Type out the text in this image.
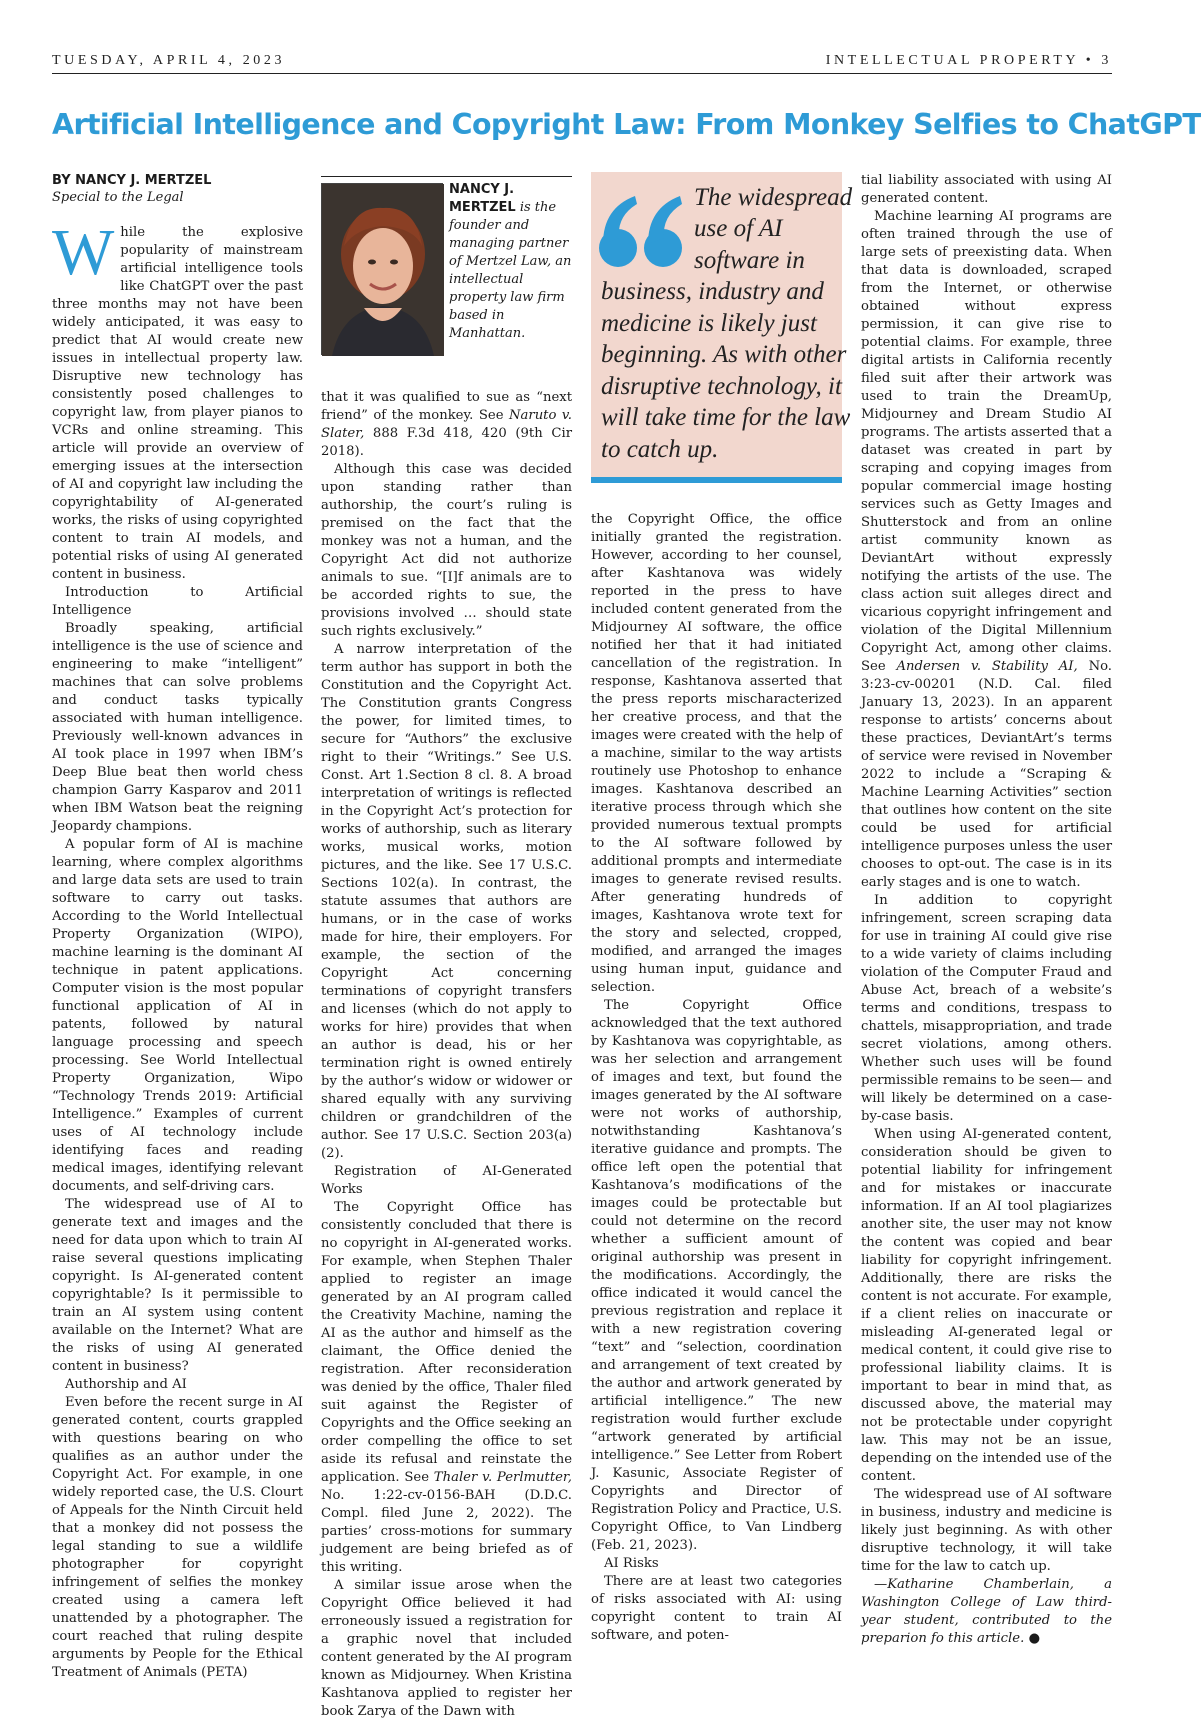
TUESDAY, APRIL 4, 2023	INTELLECTUAL PROPERTY • 3
Artificial Intelligence and Copyright Law: From Monkey Selfies to ChatGPT
BY NANCY J. MERTZEL
Special to the Legal

While the explosive popularity of mainstream artificial intelligence tools like ChatGPT over the past three months may not have been widely anticipated, it was easy to predict that AI would create new issues in intellectual property law. Disruptive new technology has consistently posed challenges to copyright law, from player pianos to VCRs and online streaming. This article will provide an overview of emerging issues at the intersection of AI and copyright law including the copyrightability of AI-generated works, the risks of using copyrighted content to train AI models, and potential risks of using AI generated content in business.

Introduction to Artificial Intelligence

Broadly speaking, artificial intelligence is the use of science and engineering to make “intelligent” machines that can solve problems and conduct tasks typically associated with human intelligence. Previously well-known advances in AI took place in 1997 when IBM’s Deep Blue beat then world chess champion Garry Kasparov and 2011 when IBM Watson beat the reigning Jeopardy champions.

A popular form of AI is machine learning, where complex algorithms and large data sets are used to train software to carry out tasks. According to the World Intellectual Property Organization (WIPO), machine learning is the dominant AI technique in patent applications. Computer vision is the most popular functional application of AI in patents, followed by natural language processing and speech processing. See World Intellectual Property Organization, Wipo “Technology Trends 2019: Artificial Intelligence.” Examples of current uses of AI technology include identifying faces and reading medical images, identifying relevant documents, and self-driving cars.

The widespread use of AI to generate text and images and the need for data upon which to train AI raise several questions implicating copyright. Is AI-generated content copyrightable? Is it permissible to train an AI system using content available on the Internet? What are the risks of using AI generated content in business?

Authorship and AI

Even before the recent surge in AI generated content, courts grappled with questions bearing on who qualifies as an author under the Copyright Act. For example, in one widely reported case, the U.S. Clourt of Appeals for the Ninth Circuit held that a monkey did not possess the legal standing to sue a wildlife photographer for copyright infringement of selfies the monkey created using a camera left unattended by a photographer. The court reached that ruling despite arguments by People for the Ethical Treatment of Animals (PETA)

NANCY J. MERTZEL is the founder and managing partner of Mertzel Law, an intellectual property law firm based in Manhattan.

that it was qualified to sue as “next friend” of the monkey. See Naruto v. Slater, 888 F.3d 418, 420 (9th Cir 2018).

Although this case was decided upon standing rather than authorship, the court’s ruling is premised on the fact that the monkey was not a human, and the Copyright Act did not authorize animals to sue. “[I]f animals are to be accorded rights to sue, the provisions involved … should state such rights exclusively.”

A narrow interpretation of the term author has support in both the Constitution and the Copyright Act. The Constitution grants Congress the power, for limited times, to secure for “Authors” the exclusive right to their “Writings.” See U.S. Const. Art 1.Section 8 cl. 8. A broad interpretation of writings is reflected in the Copyright Act’s protection for works of authorship, such as literary works, musical works, motion pictures, and the like. See 17 U.S.C. Sections 102(a). In contrast, the statute assumes that authors are humans, or in the case of works made for hire, their employers. For example, the section of the Copyright Act concerning terminations of copyright transfers and licenses (which do not apply to works for hire) provides that when an author is dead, his or her termination right is owned entirely by the author’s widow or widower or shared equally with any surviving children or grandchildren of the author. See 17 U.S.C. Section 203(a)(2).

Registration of AI-Generated Works

The Copyright Office has consistently concluded that there is no copyright in AI-generated works. For example, when Stephen Thaler applied to register an image generated by an AI program called the Creativity Machine, naming the AI as the author and himself as the claimant, the Office denied the registration. After reconsideration was denied by the office, Thaler filed suit against the Register of Copyrights and the Office seeking an order compelling the office to set aside its refusal and reinstate the application. See Thaler v. Perlmutter, No. 1:22-cv-0156-BAH (D.D.C. Compl. filed June 2, 2022). The parties’ cross-motions for summary judgement are being briefed as of this writing.

A similar issue arose when the Copyright Office believed it had erroneously issued a registration for a graphic novel that included content generated by the AI program known as Midjourney. When Kristina Kashtanova applied to register her book Zarya of the Dawn with

The widespread
use of AI
software in
business, industry and
medicine is likely just
beginning. As with other
disruptive technology, it
will take time for the law
to catch up.

the Copyright Office, the office initially granted the registration. However, according to her counsel, after Kashtanova was widely reported in the press to have included content generated from the Midjourney AI software, the office notified her that it had initiated cancellation of the registration. In response, Kashtanova asserted that the press reports mischaracterized her creative process, and that the images were created with the help of a machine, similar to the way artists routinely use Photoshop to enhance images. Kashtanova described an iterative process through which she provided numerous textual prompts to the AI software followed by additional prompts and intermediate images to generate revised results. After generating hundreds of images, Kashtanova wrote text for the story and selected, cropped, modified, and arranged the images using human input, guidance and selection.

The Copyright Office acknowledged that the text authored by Kashtanova was copyrightable, as was her selection and arrangement of images and text, but found the images generated by the AI software were not works of authorship, notwithstanding Kashtanova’s iterative guidance and prompts. The office left open the potential that Kashtanova’s modifications of the images could be protectable but could not determine on the record whether a sufficient amount of original authorship was present in the modifications. Accordingly, the office indicated it would cancel the previous registration and replace it with a new registration covering “text” and “selection, coordination and arrangement of text created by the author and artwork generated by artificial intelligence.” The new registration would further exclude “artwork generated by artificial intelligence.” See Letter from Robert J. Kasunic, Associate Register of Copyrights and Director of Registration Policy and Practice, U.S. Copyright Office, to Van Lindberg (Feb. 21, 2023).

AI Risks

There are at least two categories of risks associated with AI: using copyright content to train AI software, and poten-

tial liability associated with using AI generated content.

Machine learning AI programs are often trained through the use of large sets of preexisting data. When that data is downloaded, scraped from the Internet, or otherwise obtained without express permission, it can give rise to potential claims. For example, three digital artists in California recently filed suit after their artwork was used to train the DreamUp, Midjourney and Dream Studio AI programs. The artists asserted that a dataset was created in part by scraping and copying images from popular commercial image hosting services such as Getty Images and Shutterstock and from an online artist community known as DeviantArt without expressly notifying the artists of the use. The class action suit alleges direct and vicarious copyright infringement and violation of the Digital Millennium Copyright Act, among other claims. See Andersen v. Stability AI, No. 3:23-cv-00201 (N.D. Cal. filed January 13, 2023). In an apparent response to artists’ concerns about these practices, DeviantArt’s terms of service were revised in November 2022 to include a “Scraping & Machine Learning Activities” section that outlines how content on the site could be used for artificial intelligence purposes unless the user chooses to opt-out. The case is in its early stages and is one to watch.

In addition to copyright infringement, screen scraping data for use in training AI could give rise to a wide variety of claims including violation of the Computer Fraud and Abuse Act, breach of a website’s terms and conditions, trespass to chattels, misappropriation, and trade secret violations, among others. Whether such uses will be found permissible remains to be seen— and will likely be determined on a case-by-case basis.

When using AI-generated content, consideration should be given to potential liability for infringement and for mistakes or inaccurate information. If an AI tool plagiarizes another site, the user may not know the content was copied and bear liability for copyright infringement. Additionally, there are risks the content is not accurate. For example, if a client relies on inaccurate or misleading AI-generated legal or medical content, it could give rise to professional liability claims. It is important to bear in mind that, as discussed above, the material may not be protectable under copyright law. This may not be an issue, depending on the intended use of the content.

The widespread use of AI software in business, industry and medicine is likely just beginning. As with other disruptive technology, it will take time for the law to catch up.

—Katharine Chamberlain, a Washington College of Law third-year student, contributed to the preparion fo this article. ●
